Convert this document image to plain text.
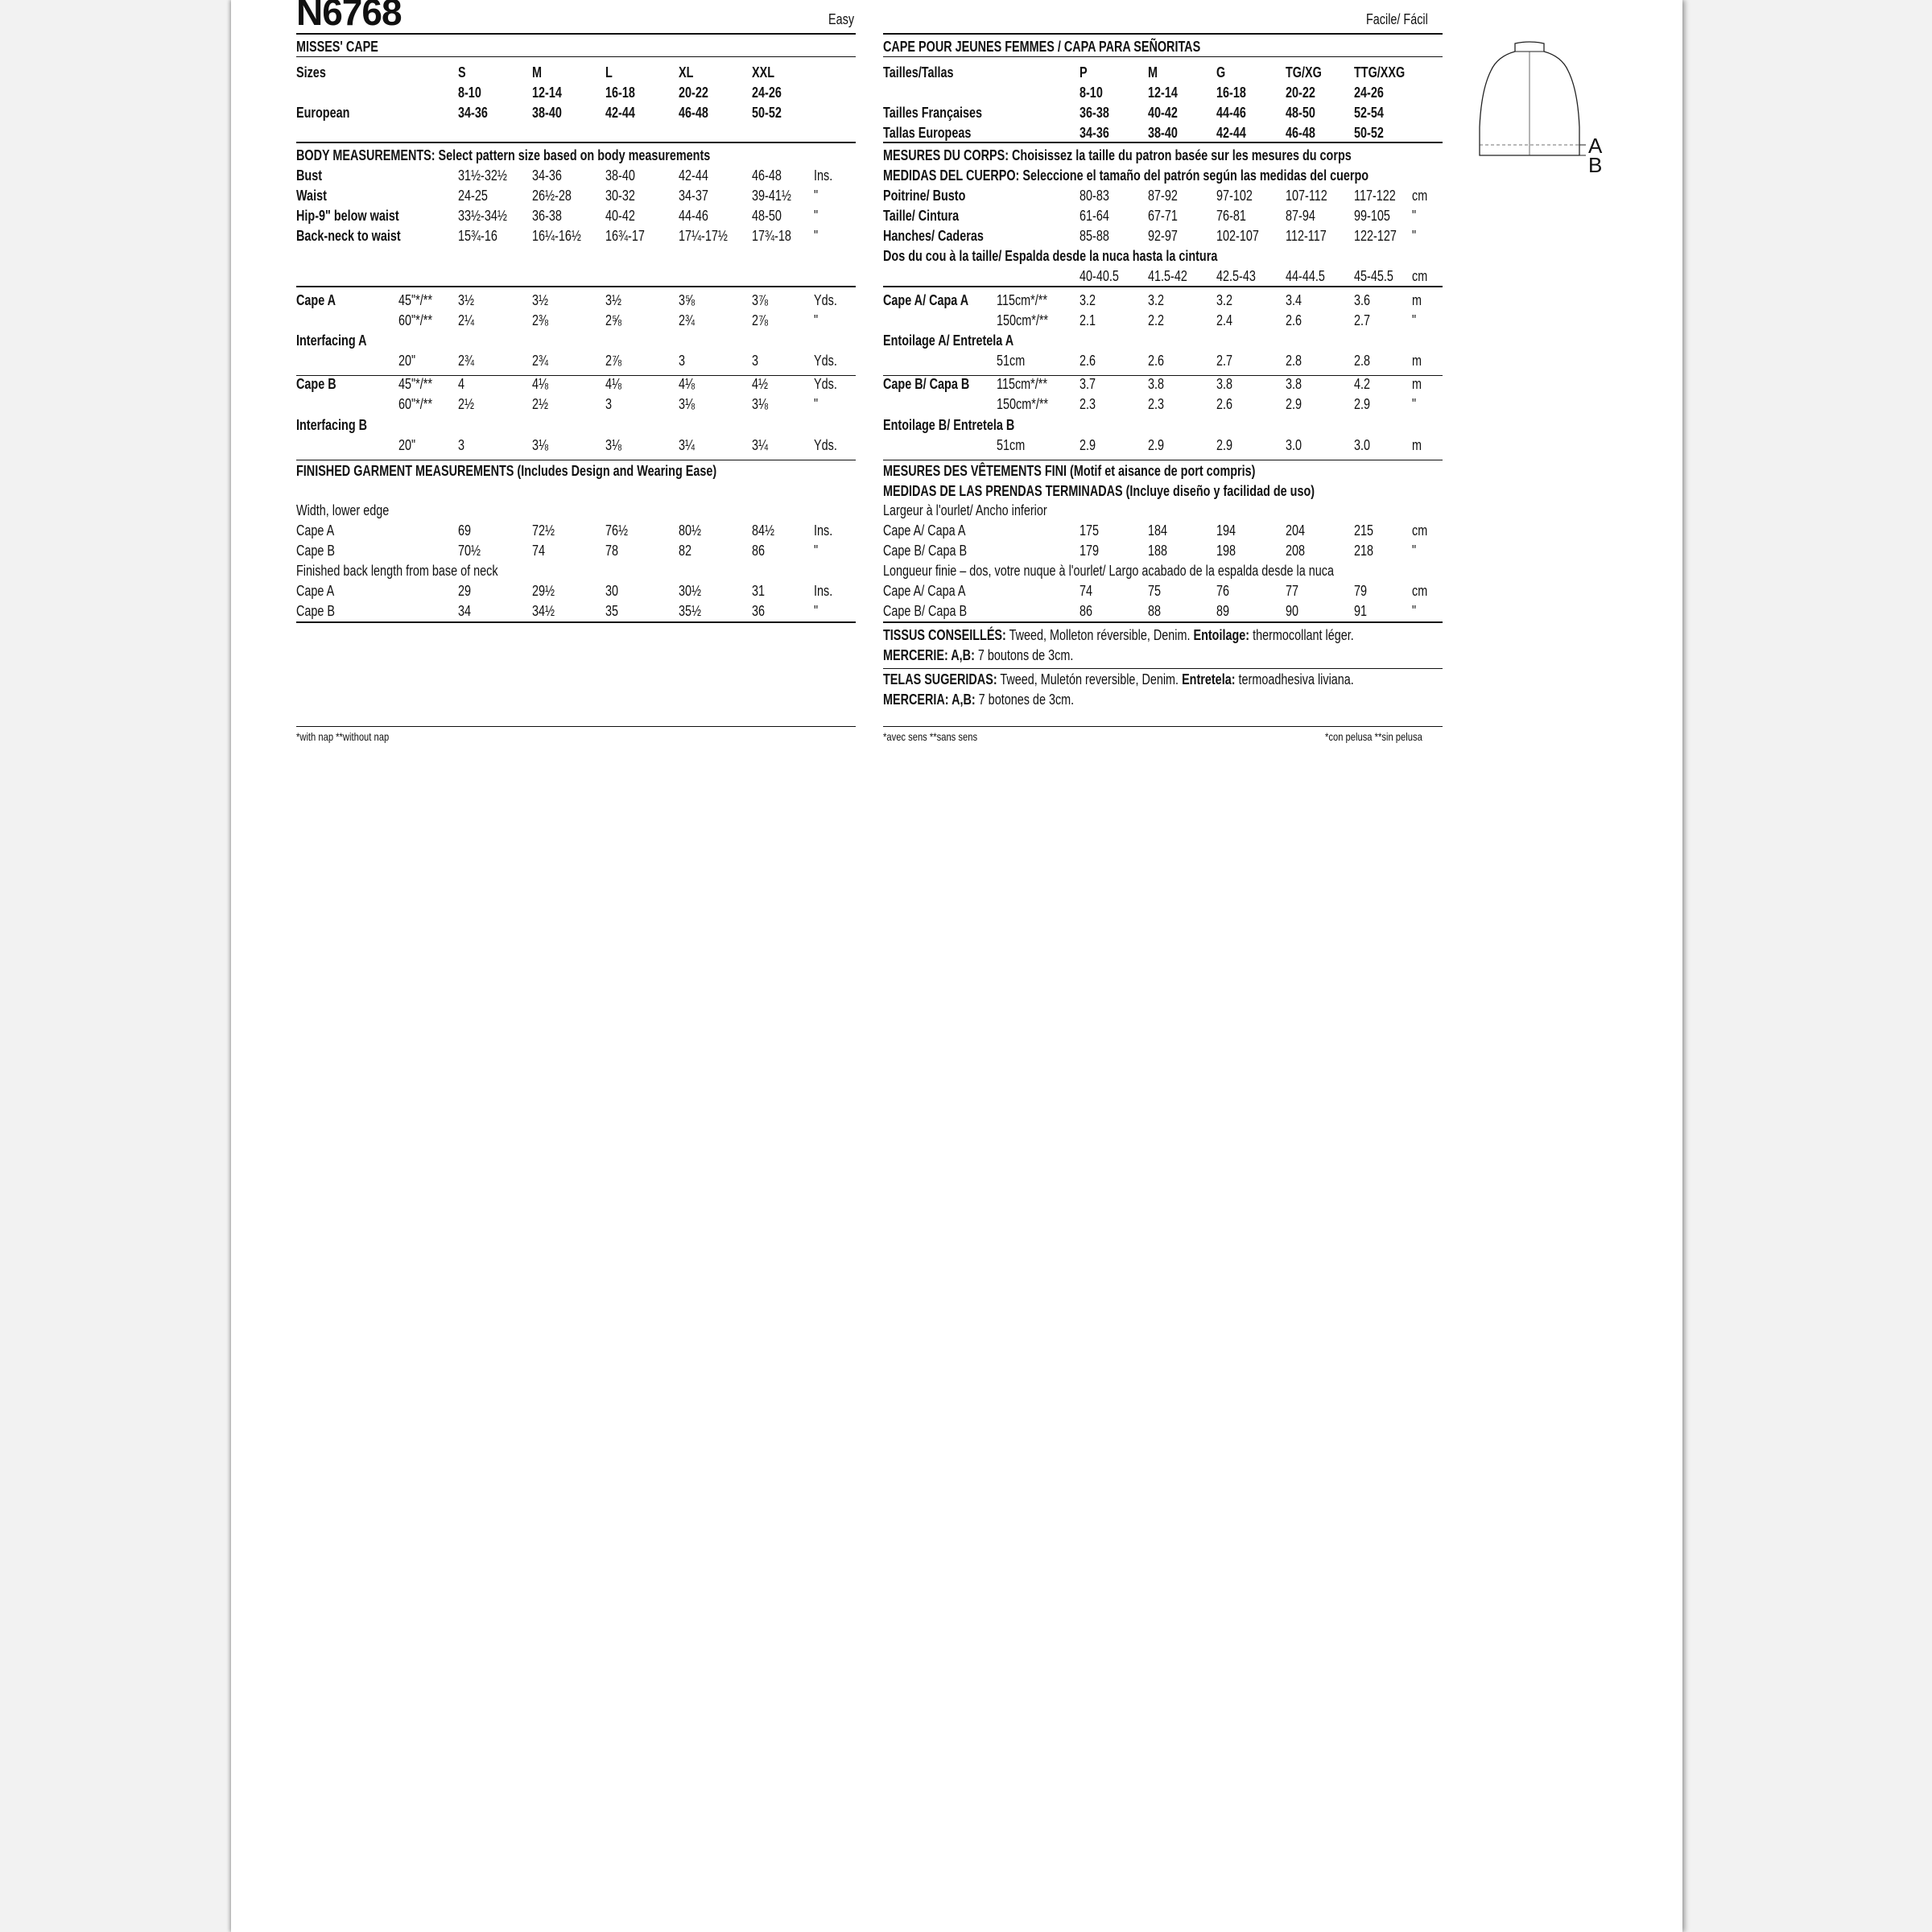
Easy
MISSES' CAPE
Sizes	S	M	L	XL	XXL
8-10	12-14	16-18	20-22	24-26
European	34-36	38-40	42-44	46-48	50-52
BODY MEASUREMENTS: Select pattern size based on body measurements
Bust	31½-32½ 34-36	38-40	42-44	46-48 Ins.
Waist	24-25	26½-28 30-32	34-37	39-41½ "
Hip-9" below waist	33½-34½ 36-38	40-42	44-46	48-50 "
Back-neck to waist	15¾-16 16¼-16½ 16¾-17 17¼-17½ 17¾-18 "
Cape A	45"*/** 3½	3½	3½	3⅝	3⅞	Yds.
60"*/** 2¼	2⅜	2⅝	2¾	2⅞	"
Interfacing A
20"	2¾	2¾	2⅞	3	3	Yds.
Cape B	45"*/** 4	4⅛	4⅛	4⅛	4½	Yds.
60"*/** 2½	2½	3	3⅛	3⅛	"
Interfacing B
20"	3	3⅛	3⅛	3¼	3¼	Yds.
FINISHED GARMENT MEASUREMENTS (Includes Design and Wearing Ease)
Width, lower edge
Cape A	69	72½	76½	80½	84½	Ins.
Cape B	70½	74	78	82	86	"
Finished back length from base of neck
Cape A	29	29½	30	30½	31	Ins.
Cape B	34	34½	35	35½	36	"
*with nap **without nap
Facile/ Fácil
CAPE POUR JEUNES FEMMES / CAPA PARA SEÑORITAS
Tailles/Tallas	P	M	G	TG/XG TTG/XXG
8-10	12-14	16-18	20-22	24-26
Tailles Françaises	36-38	40-42	44-46	48-50	52-54
Tallas Europeas	34-36	38-40	42-44	46-48	50-52
MESURES DU CORPS: Choisissez la taille du patron basée sur les mesures du corps
MEDIDAS DEL CUERPO: Seleccione el tamaño del patrón según las medidas del cuerpo
Poitrine/ Busto	80-83	87-92	97-102 107-112 117-122 cm
Taille/ Cintura	61-64	67-71	76-81	87-94	99-105 "
Hanches/ Caderas	85-88	92-97	102-107 112-117 122-127 "
Dos du cou à la taille/ Espalda desde la nuca hasta la cintura
40-40.5 41.5-42 42.5-43 44-44.5 45-45.5 cm
Cape A/ Capa A 115cm*/** 3.2	3.2	3.2	3.4	3.6	m
150cm*/** 2.1	2.2	2.4	2.6	2.7	"
Entoilage A/ Entretela A
51cm	2.6	2.6	2.7	2.8	2.8	m
Cape B/ Capa B 115cm*/** 3.7	3.8	3.8	3.8	4.2	m
150cm*/** 2.3	2.3	2.6	2.9	2.9	"
Entoilage B/ Entretela B
51cm	2.9	2.9	2.9	3.0	3.0	m
MESURES DES VÊTEMENTS FINI (Motif et aisance de port compris)
MEDIDAS DE LAS PRENDAS TERMINADAS (Incluye diseño y facilidad de uso)
Largeur à l'ourlet/ Ancho inferior
Cape A/ Capa A	175	184	194	204	215	cm
Cape B/ Capa B	179	188	198	208	218	"
Longueur finie – dos, votre nuque à l'ourlet/ Largo acabado de la espalda desde la nuca
Cape A/ Capa A	74	75	76	77	79	cm
Cape B/ Capa B	86	88	89	90	91	"
TISSUS CONSEILLÉS: Tweed, Molleton réversible, Denim. Entoilage: thermocollant léger.
MERCERIE: A,B: 7 boutons de 3cm.
TELAS SUGERIDAS: Tweed, Muletón reversible, Denim. Entretela: termoadhesiva liviana.
MERCERIA: A,B: 7 botones de 3cm.
*avec sens **sans sens	*con pelusa **sin pelusa
N6768
A
B
